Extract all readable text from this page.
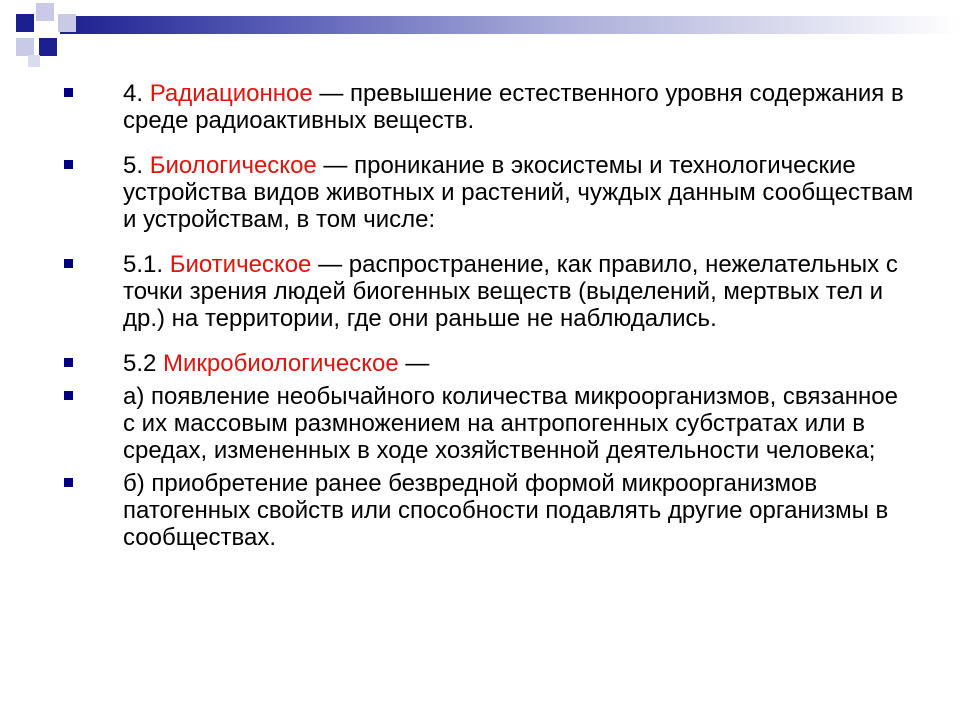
4. Радиационное — превышение естественного уровня содержания в среде радиоактивных веществ.
5. Биологическое — проникание в экосистемы и технологические устройства видов животных и растений, чуждых данным сообществам и устройствам, в том числе:
5.1. Биотическое — распространение, как правило, нежелательных с точки зрения людей биогенных веществ (выделений, мертвых тел и др.) на территории, где они раньше не наблюдались.
5.2 Микробиологическое —
а) появление необычайного количества микроорганизмов, связанное с их массовым размножением на антропогенных субстратах или в средах, измененных в ходе хозяйственной деятельности человека;
б) приобретение ранее безвредной формой микроорганизмов патогенных свойств или способности подавлять другие организмы в сообществах.
